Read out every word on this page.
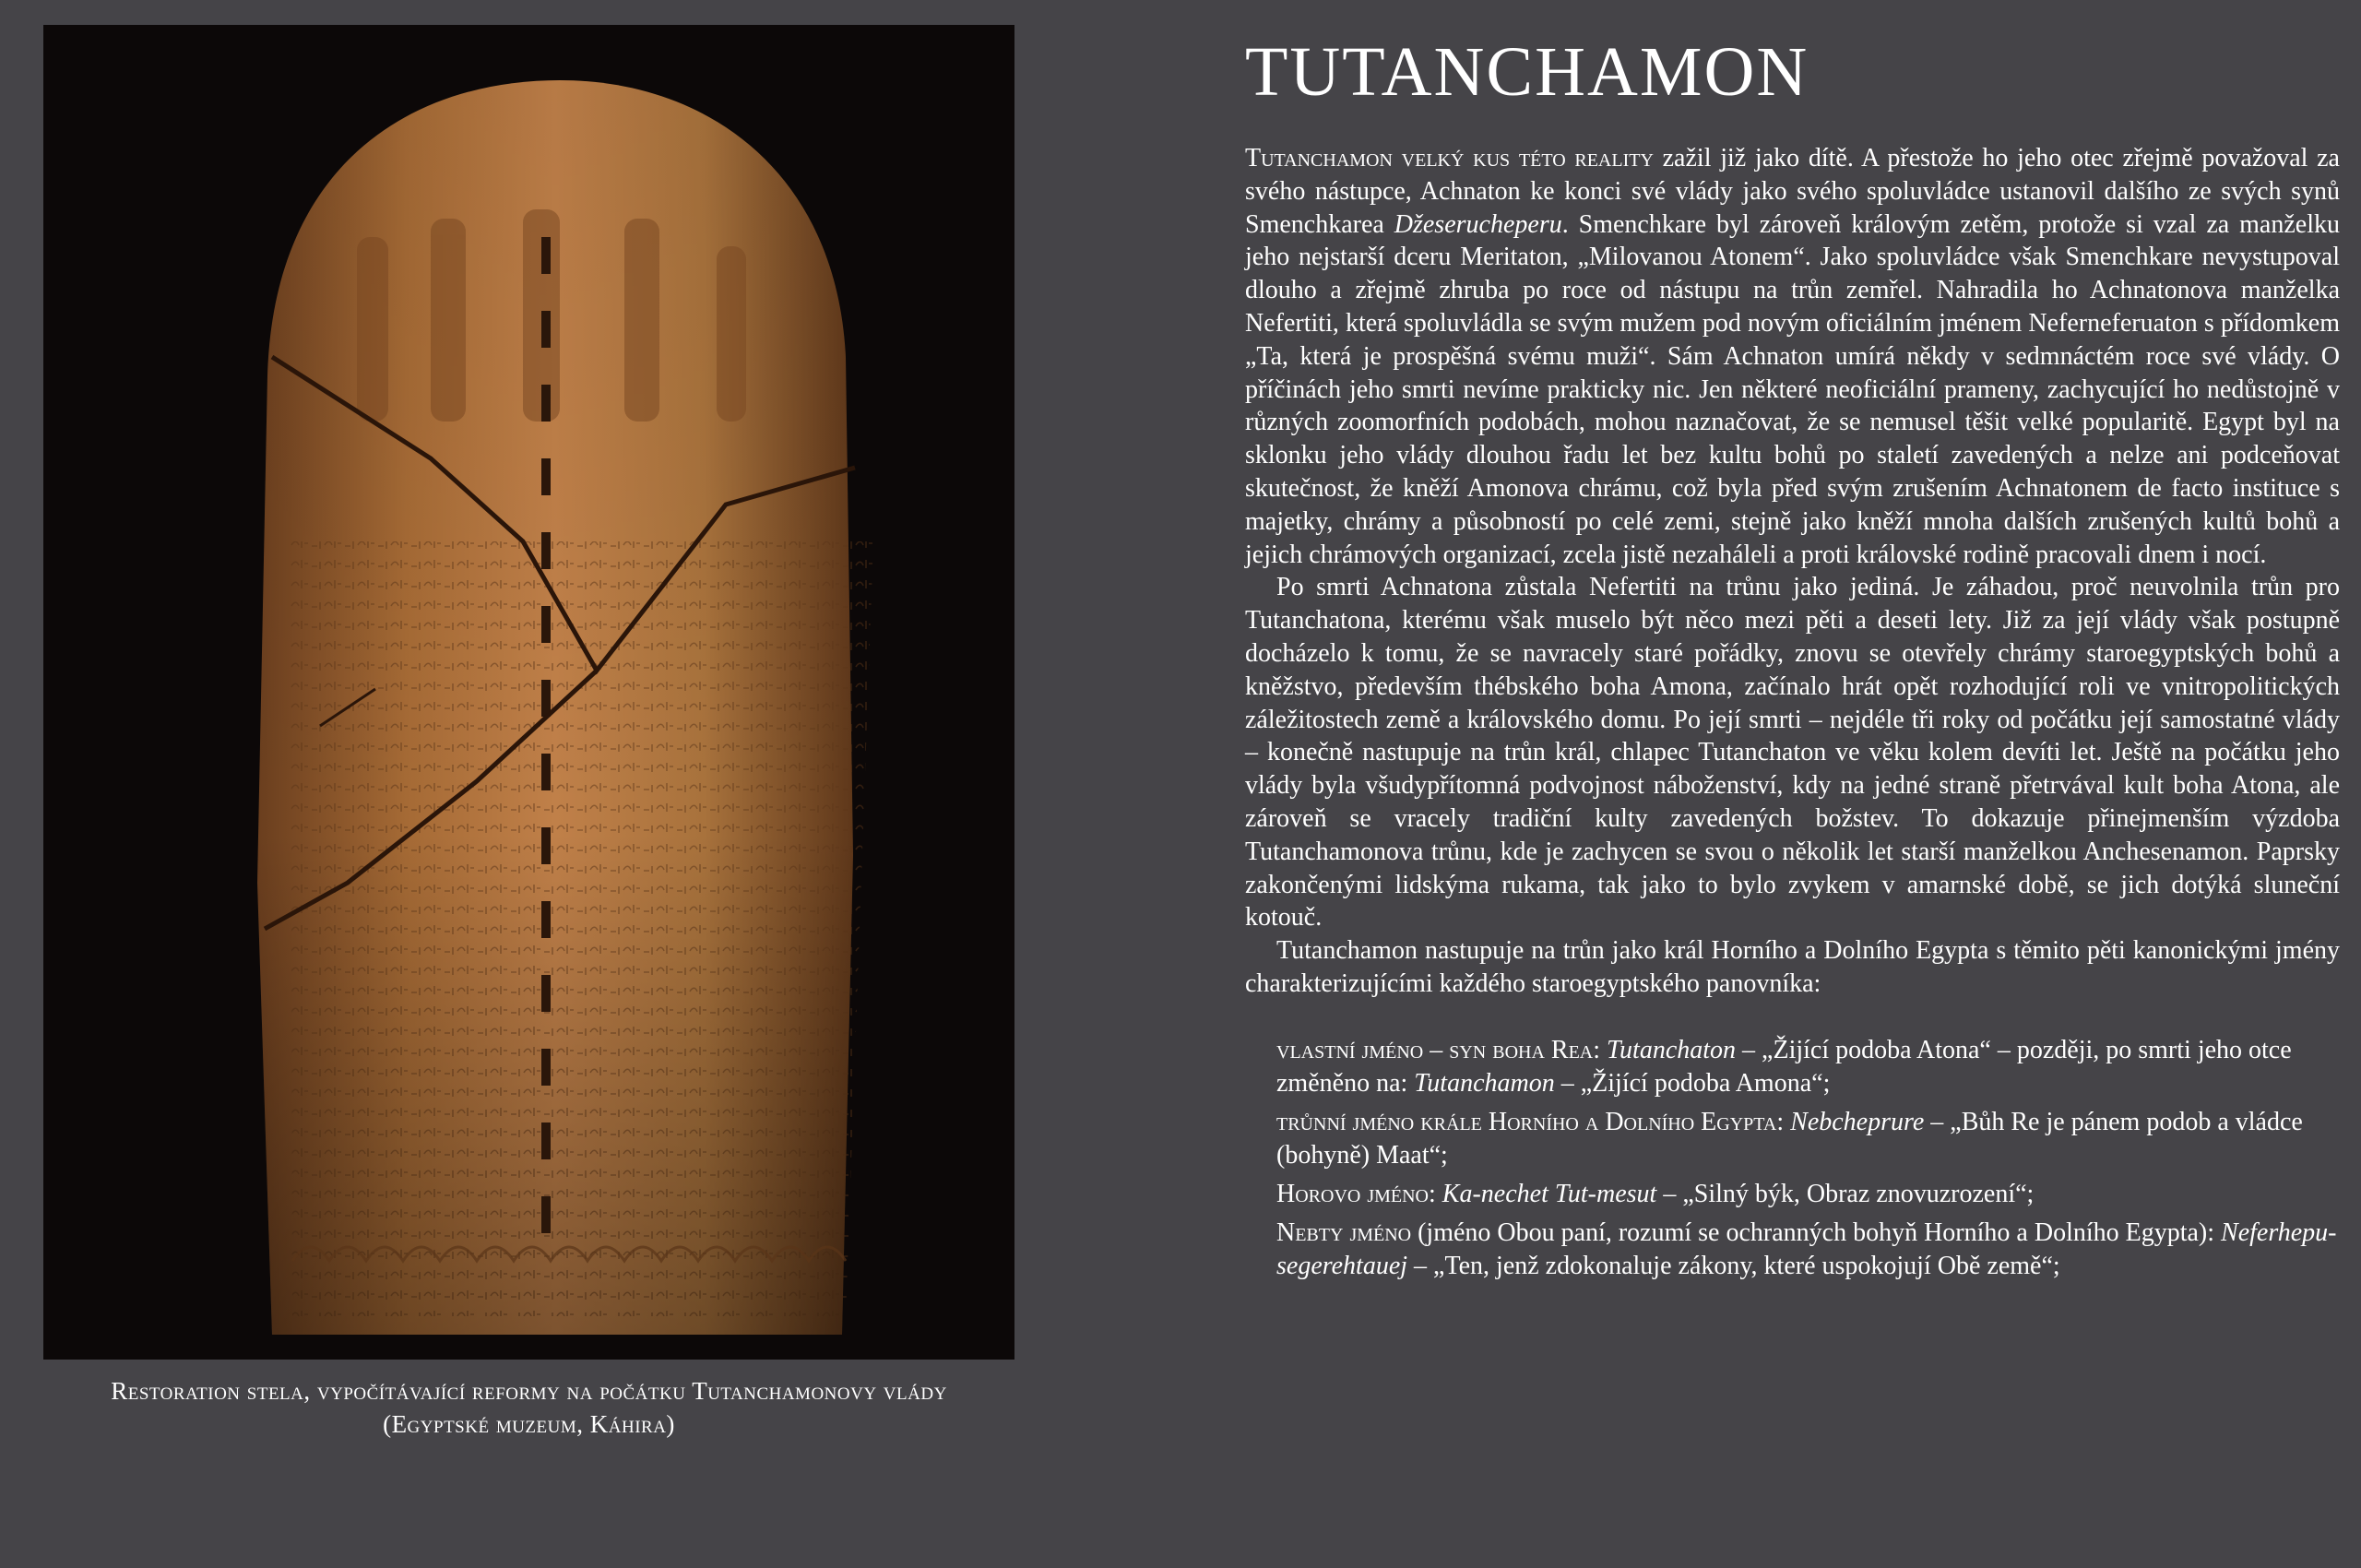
Restoration stela, vypočítávající reformy na počátku Tutanchamonovy vlády
(Egyptské muzeum, Káhira)
TUTANCHAMON

Tutanchamon velký kus této reality zažil již jako dítě. A přestože ho jeho otec zřejmě považoval za svého nástupce, Achnaton ke konci své vlády jako svého spoluvládce ustanovil dalšího ze svých synů Smenchkarea Džeserucheperu. Smenchkare byl zároveň královým zetěm, protože si vzal za manželku jeho nejstarší dceru Meritaton, „Milovanou Atonem“. Jako spoluvládce však Smenchkare nevystupoval dlouho a zřejmě zhruba po roce od nástupu na trůn zemřel. Nahradila ho Achnatonova manželka Nefertiti, která spoluvládla se svým mužem pod novým oficiálním jménem Neferneferuaton s přídomkem „Ta, která je prospěšná svému muži“. Sám Achnaton umírá někdy v sedmnáctém roce své vlády. O příčinách jeho smrti nevíme prakticky nic. Jen některé neoficiální prameny, zachycující ho nedůstojně v různých zoomorfních podobách, mohou naznačovat, že se nemusel těšit velké popularitě. Egypt byl na sklonku jeho vlády dlouhou řadu let bez kultu bohů po staletí zavedených a nelze ani podceňovat skutečnost, že kněží Amonova chrámu, což byla před svým zrušením Achnatonem de facto instituce s majetky, chrámy a působností po celé zemi, stejně jako kněží mnoha dalších zrušených kultů bohů a jejich chrámových organizací, zcela jistě nezaháleli a proti královské rodině pracovali dnem i nocí.

Po smrti Achnatona zůstala Nefertiti na trůnu jako jediná. Je záhadou, proč neuvolnila trůn pro Tutanchatona, kterému však muselo být něco mezi pěti a deseti lety. Již za její vlády však postupně docházelo k tomu, že se navracely staré pořádky, znovu se otevřely chrámy staroegyptských bohů a kněžstvo, především thébského boha Amona, začínalo hrát opět rozhodující roli ve vnitropolitických záležitostech země a královského domu. Po její smrti – nejdéle tři roky od počátku její samostatné vlády – konečně nastupuje na trůn král, chlapec Tutanchaton ve věku kolem devíti let. Ještě na počátku jeho vlády byla všudypřítomná podvojnost náboženství, kdy na jedné straně přetrvával kult boha Atona, ale zároveň se vracely tradiční kulty zavedených božstev. To dokazuje přinejmenším výzdoba Tutanchamonova trůnu, kde je zachycen se svou o několik let starší manželkou Anchesenamon. Paprsky zakončenými lidskýma rukama, tak jako to bylo zvykem v amarnské době, se jich dotýká sluneční kotouč.

Tutanchamon nastupuje na trůn jako král Horního a Dolního Egypta s těmito pěti kanonickými jmény charakterizujícími každého staroegyptského panovníka:

vlastní jméno – syn boha Rea: Tutanchaton – „Žijící podoba Atona“ – později, po smrti jeho otce změněno na: Tutanchamon – „Žijící podoba Amona“;

trůnní jméno krále Horního a Dolního Egypta: Nebcheprure – „Bůh Re je pánem podob a vládce (bohyně) Maat“;

Horovo jméno: Ka-nechet Tut-mesut – „Silný býk, Obraz znovuzrození“;

Nebty jméno (jméno Obou paní, rozumí se ochranných bohyň Horního a Dolního Egypta): Neferhepu-segerehtauej – „Ten, jenž zdokonaluje zákony, které uspokojují Obě země“;
